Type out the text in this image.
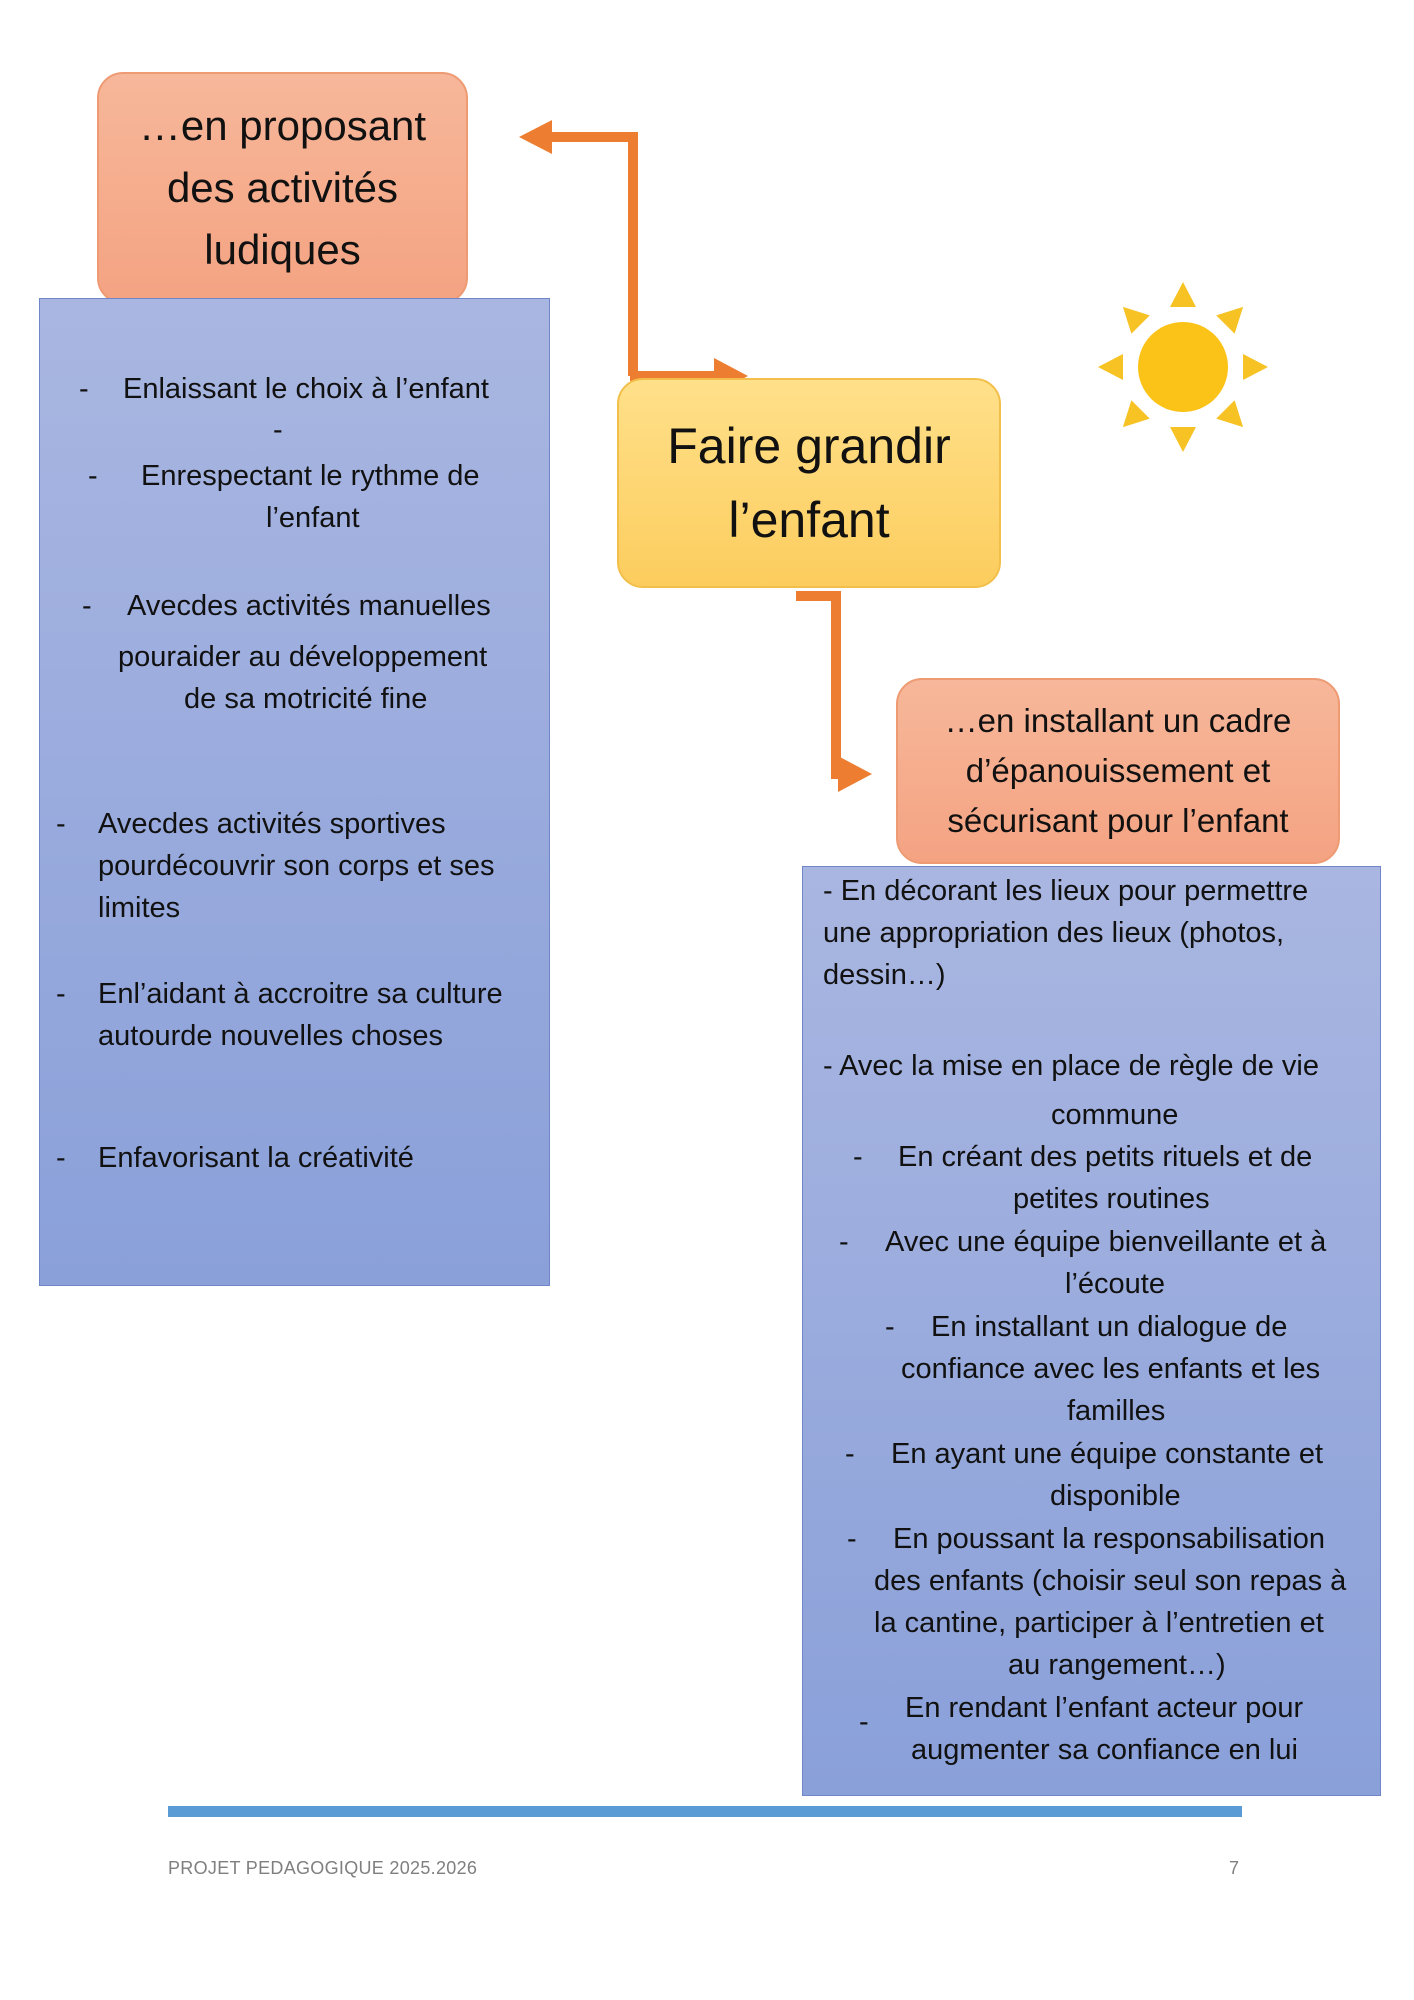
…en proposant
des activités
ludiques
- Enlaissant le choix à l’enfant
-
- Enrespectant le rythme de
l’enfant
- Avecdes activités manuelles
pouraider au développement
de sa motricité fine
- Avecdes activités sportives
pourdécouvrir son corps et ses
limites
- Enl’aidant à accroitre sa culture
autourde nouvelles choses
- Enfavorisant la créativité
Faire grandir
l’enfant
…en installant un cadre
d’épanouissement et
sécurisant pour l’enfant
- En décorant les lieux pour permettre
une appropriation des lieux (photos,
dessin…)
- Avec la mise en place de règle de vie
commune
- En créant des petits rituels et de
petites routines
- Avec une équipe bienveillante et à
l’écoute
- En installant un dialogue de
confiance avec les enfants et les
familles
- En ayant une équipe constante et
disponible
- En poussant la responsabilisation
des enfants (choisir seul son repas à
la cantine, participer à l’entretien et
au rangement…)
- En rendant l’enfant acteur pour
augmenter sa confiance en lui
PROJET PEDAGOGIQUE 2025.2026	7
